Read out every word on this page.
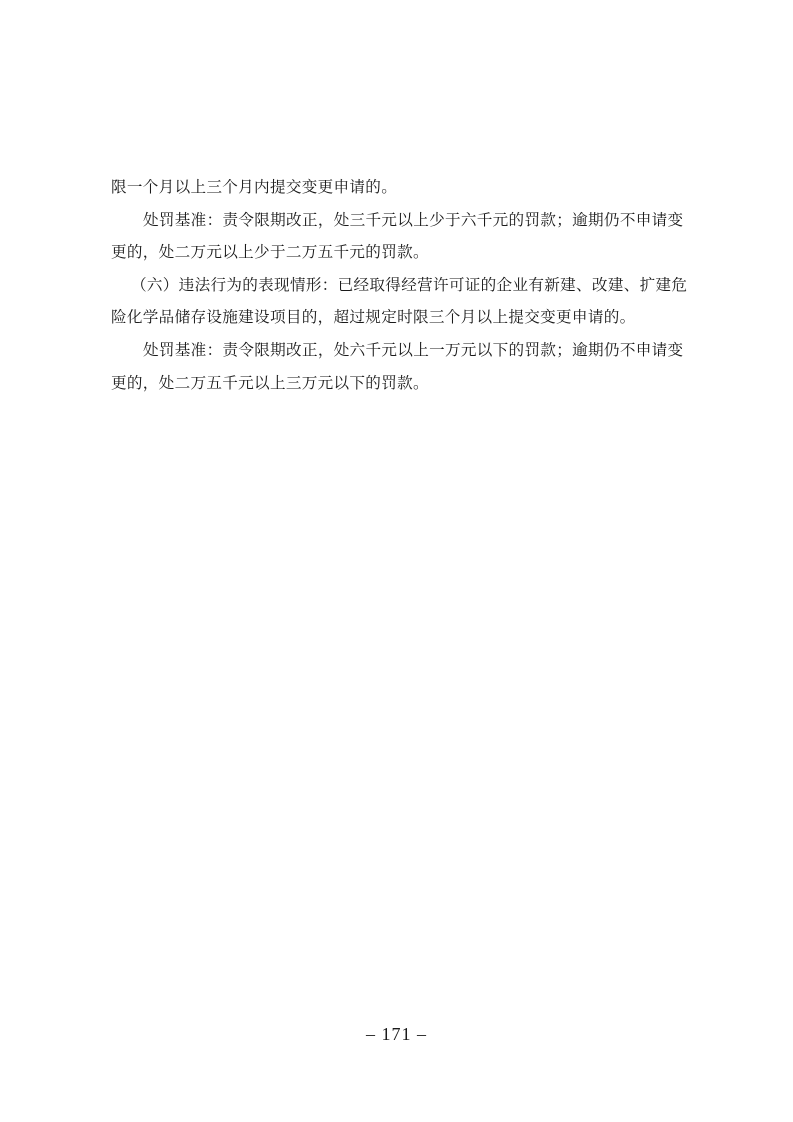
限一个月以上三个月内提交变更申请的。

处罚基准：责令限期改正，处三千元以上少于六千元的罚款；逾期仍不申请变更的，处二万元以上少于二万五千元的罚款。

（六）违法行为的表现情形：已经取得经营许可证的企业有新建、改建、扩建危险化学品储存设施建设项目的，超过规定时限三个月以上提交变更申请的。

处罚基准：责令限期改正，处六千元以上一万元以下的罚款；逾期仍不申请变更的，处二万五千元以上三万元以下的罚款。

– 171 –
